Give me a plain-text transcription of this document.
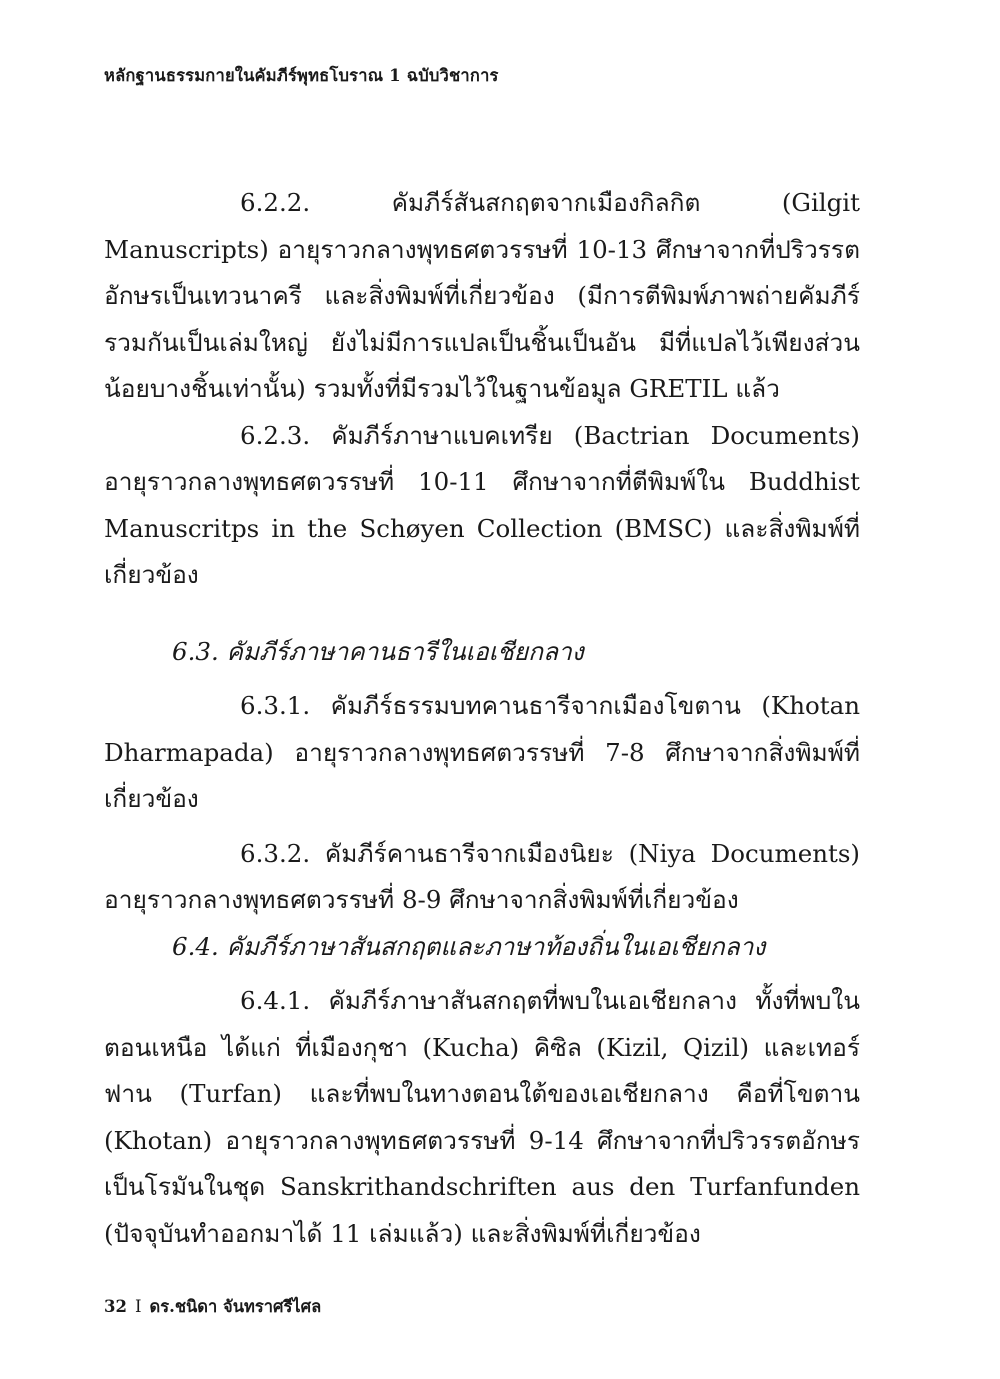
หลักฐานธรรมกายในคัมภีร์พุทธโบราณ 1 ฉบับวิชาการ

6.2.2. คัมภีร์สันสกฤตจากเมืองกิลกิต (Gilgit Manuscripts) อายุราวกลางพุทธศตวรรษที่ 10-13 ศึกษาจากที่ปริวรรตอักษรเป็นเทวนาครี และสิ่งพิมพ์ที่เกี่ยวข้อง (มีการตีพิมพ์ภาพถ่ายคัมภีร์รวมกันเป็นเล่มใหญ่ ยังไม่มีการแปลเป็นชิ้นเป็นอัน มีที่แปลไว้เพียงส่วนน้อยบางชิ้นเท่านั้น) รวมทั้งที่มีรวมไว้ในฐานข้อมูล GRETIL แล้ว

6.2.3. คัมภีร์ภาษาแบคเทรีย (Bactrian Documents) อายุราวกลางพุทธศตวรรษที่ 10-11 ศึกษาจากที่ตีพิมพ์ใน Buddhist Manuscritps in the Schøyen Collection (BMSC) และสิ่งพิมพ์ที่เกี่ยวข้อง

6.3. คัมภีร์ภาษาคานธารีในเอเชียกลาง

6.3.1. คัมภีร์ธรรมบทคานธารีจากเมืองโขตาน (Khotan Dharmapada) อายุราวกลางพุทธศตวรรษที่ 7-8 ศึกษาจากสิ่งพิมพ์ที่เกี่ยวข้อง

6.3.2. คัมภีร์คานธารีจากเมืองนิยะ (Niya Documents) อายุราวกลางพุทธศตวรรษที่ 8-9 ศึกษาจากสิ่งพิมพ์ที่เกี่ยวข้อง

6.4. คัมภีร์ภาษาสันสกฤตและภาษาท้องถิ่นในเอเชียกลาง

6.4.1. คัมภีร์ภาษาสันสกฤตที่พบในเอเชียกลาง ทั้งที่พบในตอนเหนือ ได้แก่ ที่เมืองกุชา (Kucha) คิซิล (Kizil, Qizil) และเทอร์ฟาน (Turfan) และที่พบในทางตอนใต้ของเอเชียกลาง คือที่โขตาน (Khotan) อายุราวกลางพุทธศตวรรษที่ 9-14 ศึกษาจากที่ปริวรรตอักษรเป็นโรมันในชุด Sanskrithandschriften aus den Turfanfunden (ปัจจุบันทำออกมาได้ 11 เล่มแล้ว) และสิ่งพิมพ์ที่เกี่ยวข้อง

32 I ดร.ชนิดา จันทราศรีไศล
